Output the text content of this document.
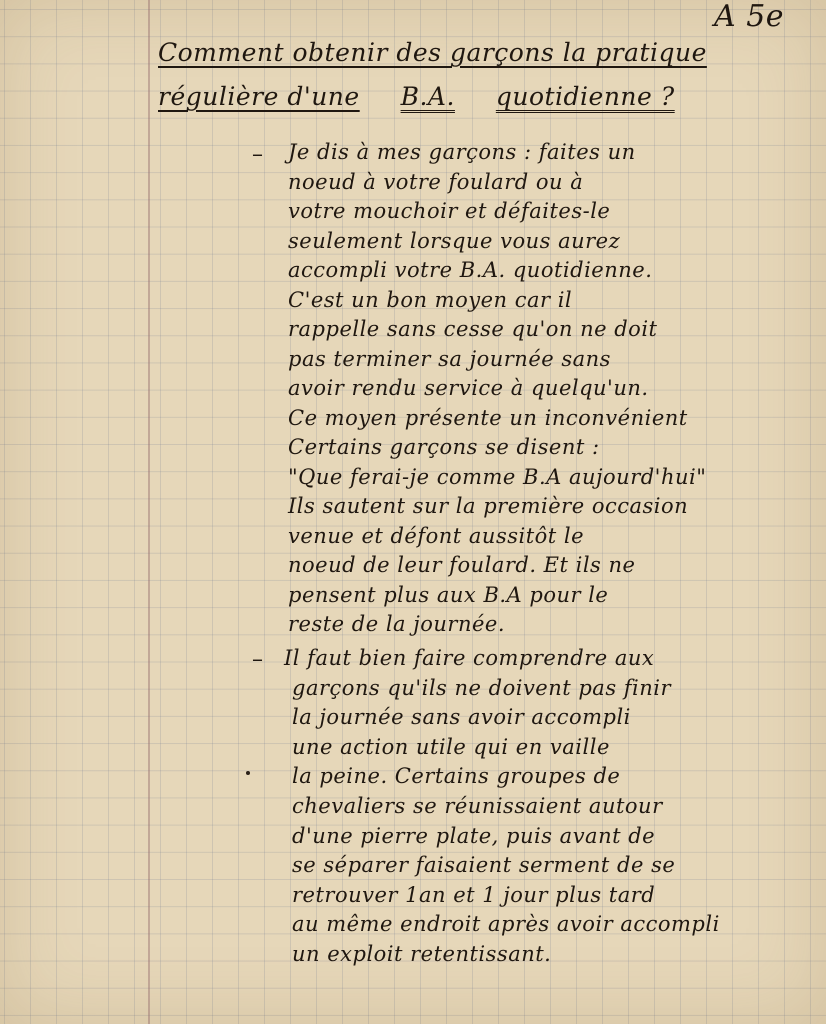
A 5e
Comment obtenir des garçons la pratique
régulière d'une B.A. quotidienne ?
– Je dis à mes garçons : faites un
noeud à votre foulard ou à
votre mouchoir et défaites-le
seulement lorsque vous aurez
accompli votre B.A. quotidienne.
C'est un bon moyen car il
rappelle sans cesse qu'on ne doit
pas terminer sa journée sans
avoir rendu service à quelqu'un.
Ce moyen présente un inconvénient
Certains garçons se disent :
"Que ferai-je comme B.A aujourd'hui"
Ils sautent sur la première occasion
venue et défont aussitôt le
noeud de leur foulard. Et ils ne
pensent plus aux B.A pour le
reste de la journée.
– Il faut bien faire comprendre aux
garçons qu'ils ne doivent pas finir
la journée sans avoir accompli
une action utile qui en vaille
la peine. Certains groupes de
chevaliers se réunissaient autour
d'une pierre plate, puis avant de
se séparer faisaient serment de se
retrouver 1an et 1 jour plus tard
au même endroit après avoir accompli
un exploit retentissant.
